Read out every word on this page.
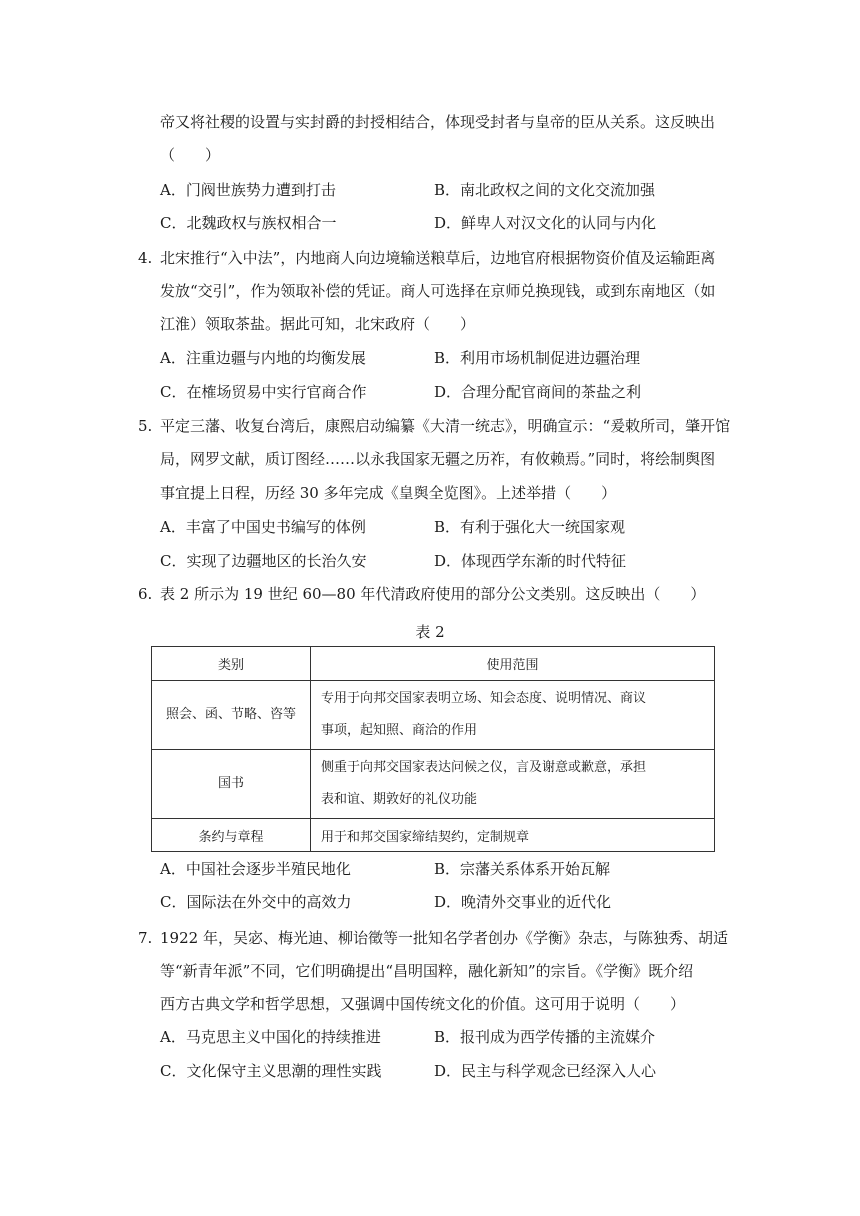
帝又将社稷的设置与实封爵的封授相结合，体现受封者与皇帝的臣从关系。这反映出
（　　）
A．门阀世族势力遭到打击	B．南北政权之间的文化交流加强
C．北魏政权与族权相合一	D．鲜卑人对汉文化的认同与内化
4. 北宋推行“入中法”，内地商人向边境输送粮草后，边地官府根据物资价值及运输距离
发放“交引”，作为领取补偿的凭证。商人可选择在京师兑换现钱，或到东南地区（如
江淮）领取茶盐。据此可知，北宋政府（　　）
A．注重边疆与内地的均衡发展	B．利用市场机制促进边疆治理
C．在榷场贸易中实行官商合作	D．合理分配官商间的茶盐之利
5. 平定三藩、收复台湾后，康熙启动编纂《大清一统志》，明确宣示：“爰敕所司，肇开馆
局，网罗文献，质订图经……以永我国家无疆之历祚，有攸赖焉。”同时，将绘制舆图
事宜提上日程，历经 30 多年完成《皇舆全览图》。上述举措（　　）
A．丰富了中国史书编写的体例	B．有利于强化大一统国家观
C．实现了边疆地区的长治久安	D．体现西学东渐的时代特征
6. 表 2 所示为 19 世纪 60—80 年代清政府使用的部分公文类别。这反映出（　　）
表 2
类别	使用范围
照会、函、节略、咨等	专用于向邦交国家表明立场、知会态度、说明情况、商议
事项，起知照、商洽的作用

国书	侧重于向邦交国家表达问候之仪，言及谢意或歉意，承担
表和谊、期敦好的礼仪功能

条约与章程	用于和邦交国家缔结契约，定制规章
A．中国社会逐步半殖民地化	B．宗藩关系体系开始瓦解
C．国际法在外交中的高效力	D．晚清外交事业的近代化
7. 1922 年，吴宓、梅光迪、柳诒徵等一批知名学者创办《学衡》杂志，与陈独秀、胡适
等“新青年派”不同，它们明确提出“昌明国粹，融化新知”的宗旨。《学衡》既介绍
西方古典文学和哲学思想，又强调中国传统文化的价值。这可用于说明（　　）
A．马克思主义中国化的持续推进	B．报刊成为西学传播的主流媒介
C．文化保守主义思潮的理性实践	D．民主与科学观念已经深入人心
